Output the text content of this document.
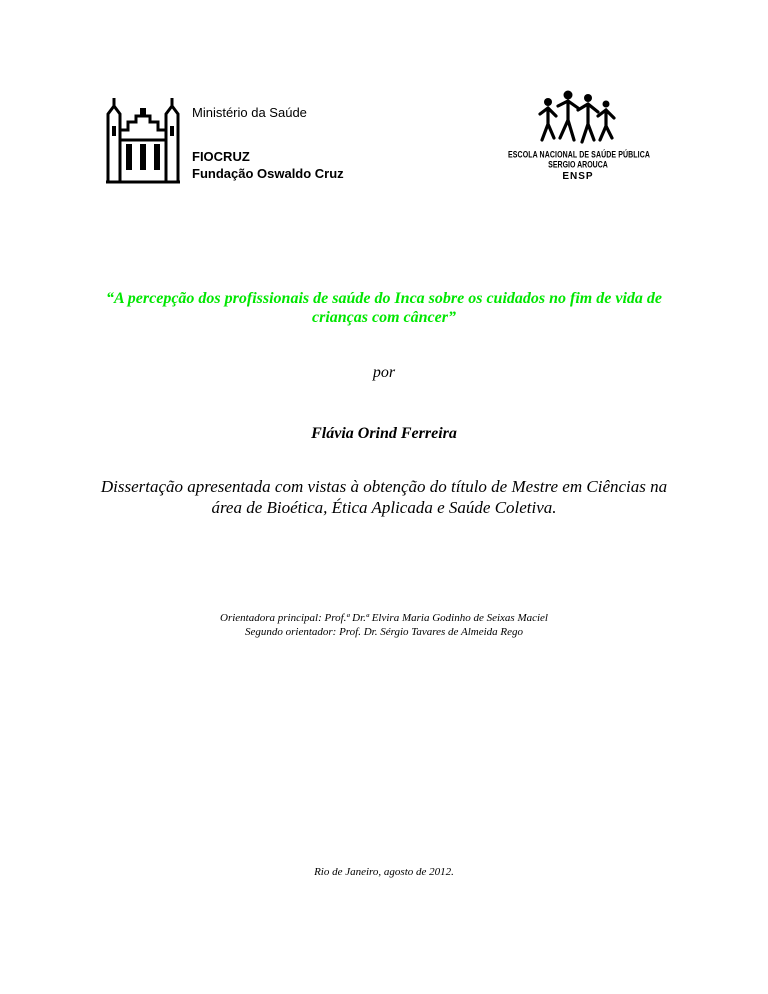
Ministério da Saúde
FIOCRUZ
Fundação Oswaldo Cruz
ESCOLA NACIONAL DE SAÚDE PÚBLICA
SERGIO AROUCA
ENSP
“A percepção dos profissionais de saúde do Inca sobre os cuidados no fim de vida de crianças com câncer”
por
Flávia Orind Ferreira
Dissertação apresentada com vistas à obtenção do título de Mestre em Ciências na área de Bioética, Ética Aplicada e Saúde Coletiva.
Orientadora principal: Prof.ª Dr.ª Elvira Maria Godinho de Seixas Maciel
Segundo orientador: Prof. Dr. Sérgio Tavares de Almeida Rego
Rio de Janeiro, agosto de 2012.
